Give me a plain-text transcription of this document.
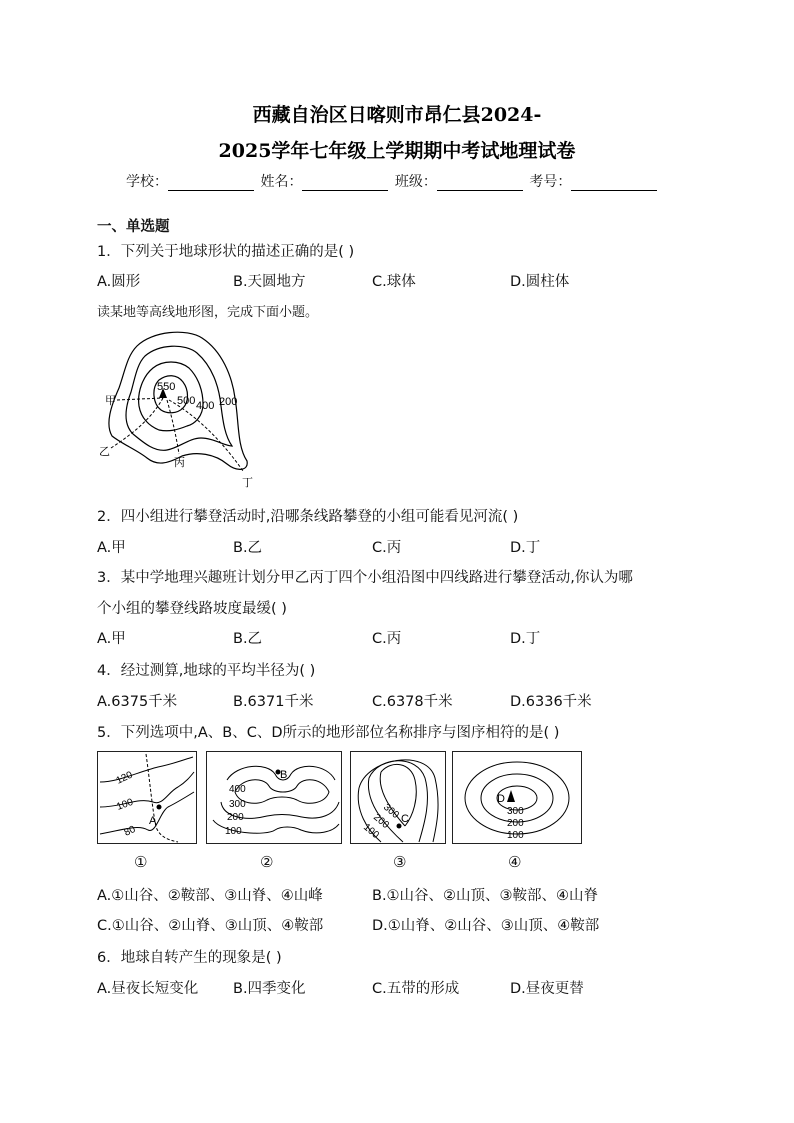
西藏自治区日喀则市昂仁县2024-
2025学年七年级上学期期中考试地理试卷
学校：	姓名：	班级：	考号：
一、单选题
1．下列关于地球形状的描述正确的是( )
A.圆形	B.天圆地方	C.球体	D.圆柱体
读某地等高线地形图，完成下面小题。
550
500 400 200
甲
乙
丙
丁
2．四小组进行攀登活动时,沿哪条线路攀登的小组可能看见河流( )
A.甲	B.乙	C.丙	D.丁
3．某中学地理兴趣班计划分甲乙丙丁四个小组沿图中四线路进行攀登活动,你认为哪
个小组的攀登线路坡度最缓( )
A.甲	B.乙	C.丙	D.丁
4．经过测算,地球的平均半径为( )
A.6375千米	B.6371千米	C.6378千米	D.6336千米
5．下列选项中,A、B、C、D所示的地形部位名称排序与图序相符的是( )
120
100
80
A
B
400
300
200
100
C
300
200
100
D
300
200
100
①	②	③	④
A.①山谷、②鞍部、③山脊、④山峰	B.①山谷、②山顶、③鞍部、④山脊
C.①山谷、②山脊、③山顶、④鞍部	D.①山脊、②山谷、③山顶、④鞍部
6．地球自转产生的现象是( )
A.昼夜长短变化 B.四季变化	C.五带的形成	D.昼夜更替
